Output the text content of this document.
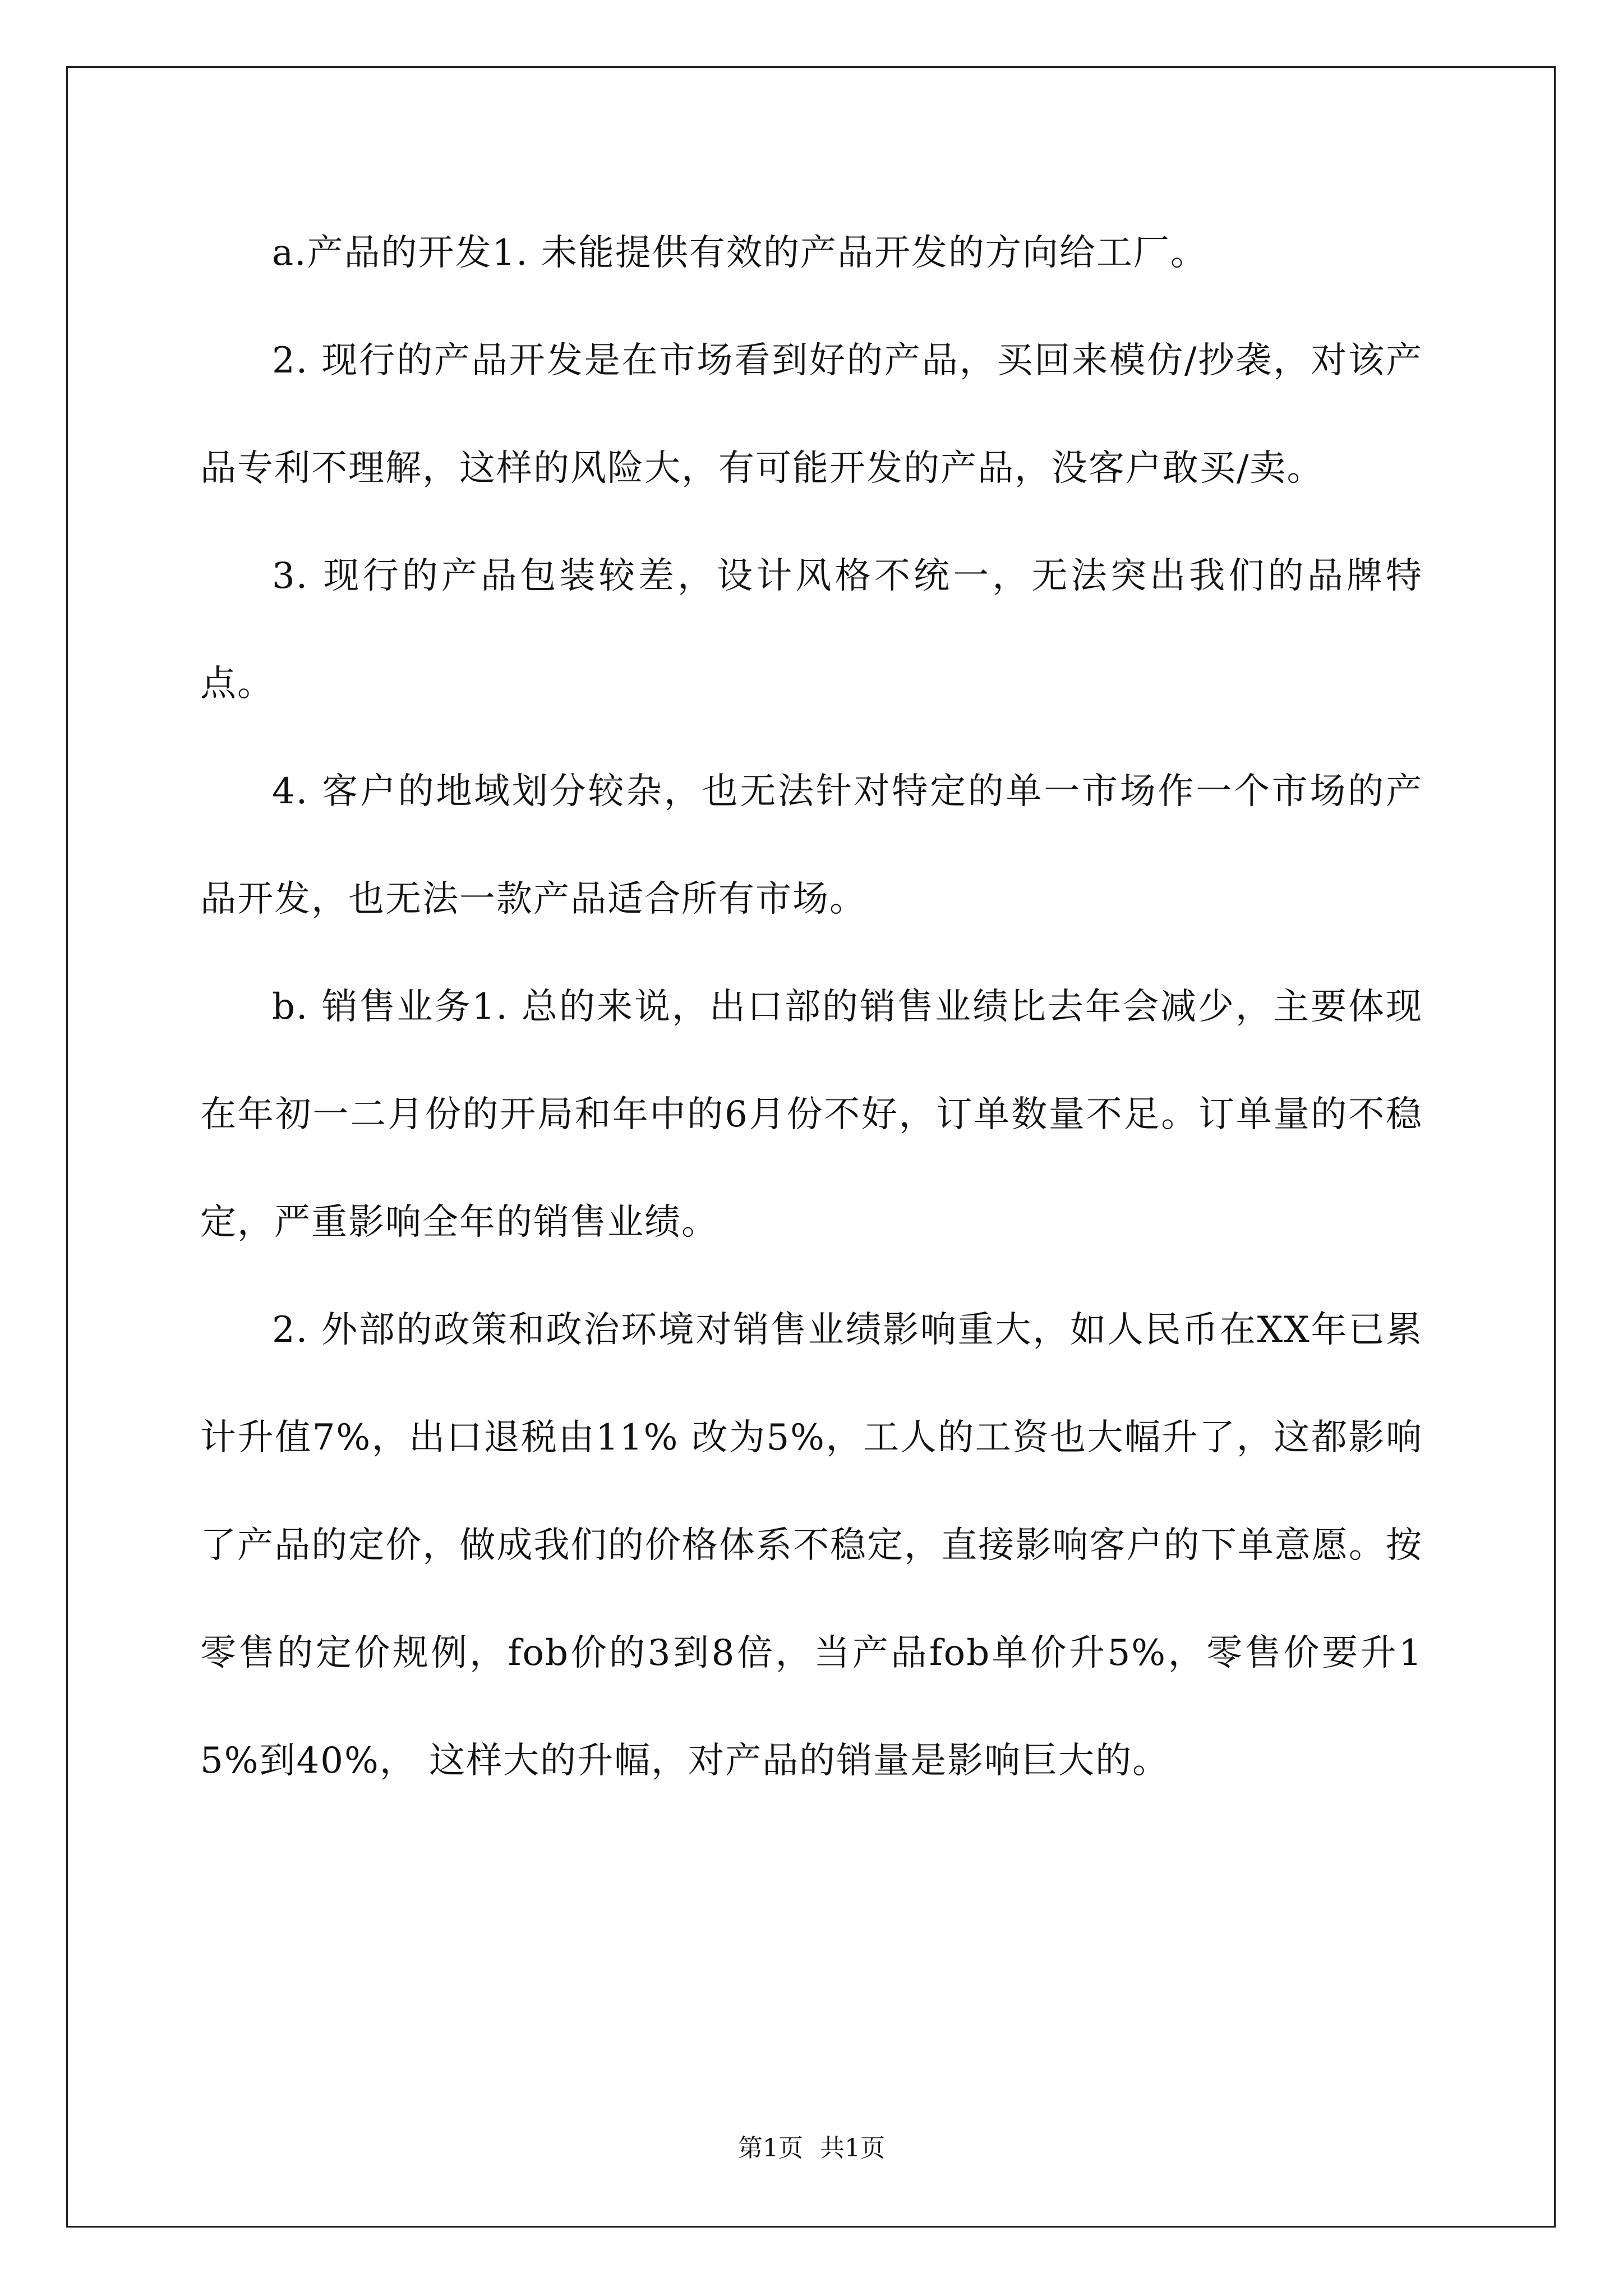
a.产品的开发1. 未能提供有效的产品开发的方向给工厂。

2. 现行的产品开发是在市场看到好的产品，买回来模仿/抄袭，对该产品专利不理解，这样的风险大，有可能开发的产品，没客户敢买/卖。

3. 现行的产品包装较差，设计风格不统一，无法突出我们的品牌特点。

4. 客户的地域划分较杂，也无法针对特定的单一市场作一个市场的产品开发，也无法一款产品适合所有市场。

b. 销售业务1. 总的来说，出口部的销售业绩比去年会减少，主要体现在年初一二月份的开局和年中的6月份不好，订单数量不足。订单量的不稳定，严重影响全年的销售业绩。

2. 外部的政策和政治环境对销售业绩影响重大，如人民币在XX年已累计升值7%，出口退税由11% 改为5%，工人的工资也大幅升了，这都影响了产品的定价，做成我们的价格体系不稳定，直接影响客户的下单意愿。按零售的定价规例，fob价的3到8倍，当产品fob单价升5%，零售价要升15%到40%， 这样大的升幅，对产品的销量是影响巨大的。

第1页 共1页
